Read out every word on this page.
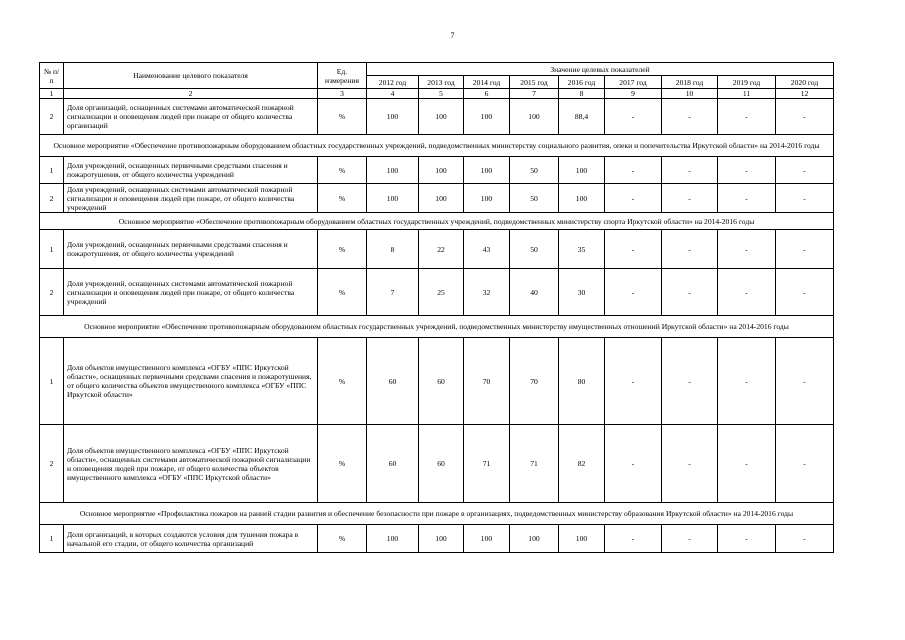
7
№ п/п	Наименование целевого показателя	Ед. измерения	Значение целевых показателей								
			2012 год	2013 год	2014 год	2015 год	2016 год	2017 год	2018 год	2019 год	2020 год
1	2	3	4	5	6	7	8	9	10	11	12
2	Доля организаций, оснащенных системами автоматической пожарной сигнализации и оповещения людей при пожаре от общего количества организаций	%	100	100	100	100	88,4	-	-	-	-
Основное мероприятие «Обеспечение противопожарным оборудованием областных государственных учреждений, подведомственных министерству социального развития, опеки и попечительства Иркутской области» на 2014-2016 годы											
1	Доля учреждений, оснащенных первичными средствами спасения и пожаротушения, от общего количества учреждений	%	100	100	100	50	100	-	-	-	-
2	Доля учреждений, оснащенных системами автоматической пожарной сигнализации и оповещения людей при пожаре, от общего количества учреждений	%	100	100	100	50	100	-	-	-	-
Основное мероприятие «Обеспечение противопожарным оборудованием областных государственных учреждений, подведомственных министерству спорта Иркутской области» на 2014-2016 годы											
1	Доля учреждений, оснащенных первичными средствами спасения и пожаротушения, от общего количества учреждений	%	8	22	43	50	35	-	-	-	-
2	Доля учреждений, оснащенных системами автоматической пожарной сигнализации и оповещения людей при пожаре, от общего количества учреждений	%	7	25	32	40	30	-	-	-	-
Основное мероприятие «Обеспечение противопожарным оборудованием областных государственных учреждений, подведомственных министерству имущественных отношений Иркутской области» на 2014-2016 годы											
1	Доля объектов имущественного комплекса «ОГБУ «ППС Иркутской области», оснащенных первичными средсвами спасения и пожаротушения, от общего количества объектов имущественного комплекса «ОГБУ «ППС Иркутской области»	%	60	60	70	70	80	-	-	-	-
2	Доля объектов имущественного комплекса «ОГБУ «ППС Иркутской области», оснащенных системами автоматической пожарной сигнализации и оповещения людей при пожаре, от общего количества объектов имущественного комплекса «ОГБУ «ППС Иркутской области»	%	60	60	71	71	82	-	-	-	-
Основное мероприятие «Профилактика пожаров на ранней стадии развития и обеспечение безопасности при пожаре в организациях, подведомственных министерству образования Иркутской области» на 2014-2016 годы											
1	Доля организаций, в которых создаются условия для тушения пожара в начальной его стадии, от общего количества организаций	%	100	100	100	100	100	-	-	-	-
